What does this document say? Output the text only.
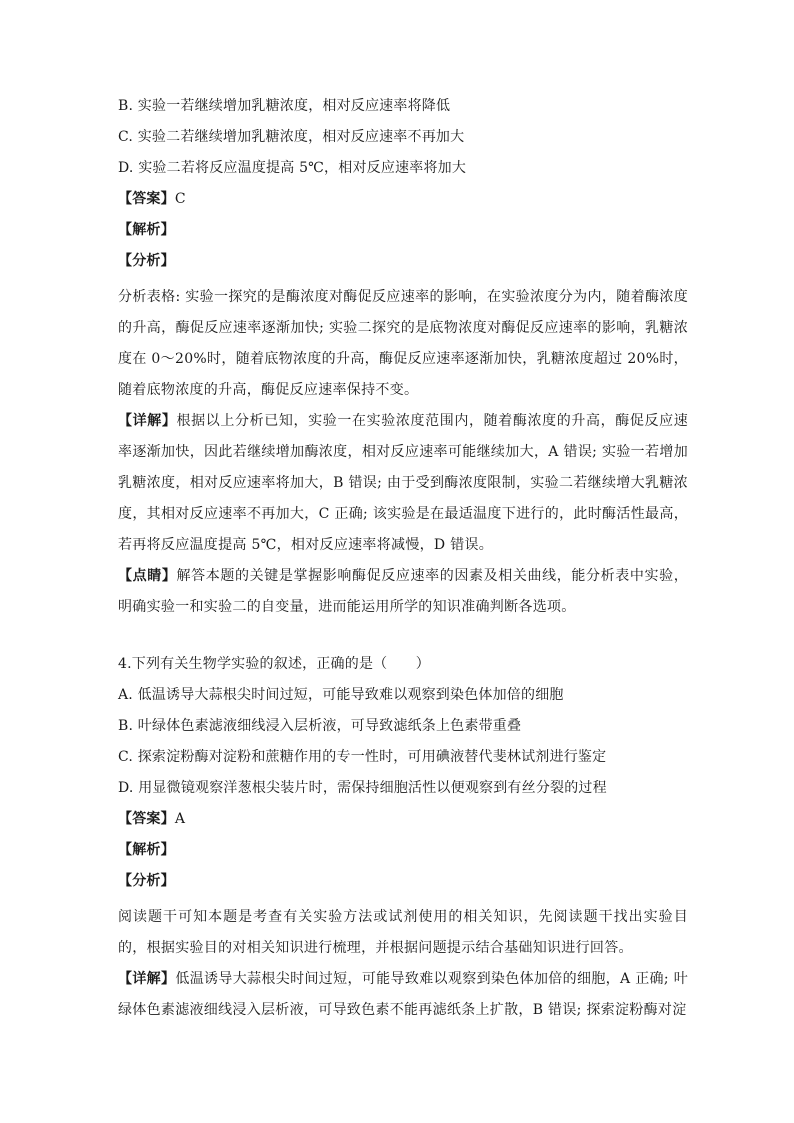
B. 实验一若继续增加乳糖浓度，相对反应速率将降低
C. 实验二若继续增加乳糖浓度，相对反应速率不再加大
D. 实验二若将反应温度提高 5℃，相对反应速率将加大
【答案】C
【解析】
【分析】

分析表格: 实验一探究的是酶浓度对酶促反应速率的影响，在实验浓度分为内，随着酶浓度的升高，酶促反应速率逐渐加快; 实验二探究的是底物浓度对酶促反应速率的影响，乳糖浓度在 0～20%时，随着底物浓度的升高，酶促反应速率逐渐加快，乳糖浓度超过 20%时，随着底物浓度的升高，酶促反应速率保持不变。

【详解】根据以上分析已知，实验一在实验浓度范围内，随着酶浓度的升高，酶促反应速率逐渐加快，因此若继续增加酶浓度，相对反应速率可能继续加大，A 错误; 实验一若增加乳糖浓度，相对反应速率将加大，B 错误; 由于受到酶浓度限制，实验二若继续增大乳糖浓度，其相对反应速率不再加大，C 正确; 该实验是在最适温度下进行的，此时酶活性最高，若再将反应温度提高 5℃，相对反应速率将减慢，D 错误。

【点睛】解答本题的关键是掌握影响酶促反应速率的因素及相关曲线，能分析表中实验，明确实验一和实验二的自变量，进而能运用所学的知识准确判断各选项。

4.下列有关生物学实验的叙述，正确的是（　　）
A. 低温诱导大蒜根尖时间过短，可能导致难以观察到染色体加倍的细胞
B. 叶绿体色素滤液细线浸入层析液，可导致滤纸条上色素带重叠
C. 探索淀粉酶对淀粉和蔗糖作用的专一性时，可用碘液替代斐林试剂进行鉴定
D. 用显微镜观察洋葱根尖装片时，需保持细胞活性以便观察到有丝分裂的过程
【答案】A
【解析】
【分析】

阅读题干可知本题是考查有关实验方法或试剂使用的相关知识，先阅读题干找出实验目的，根据实验目的对相关知识进行梳理，并根据问题提示结合基础知识进行回答。

【详解】低温诱导大蒜根尖时间过短，可能导致难以观察到染色体加倍的细胞，A 正确; 叶绿体色素滤液细线浸入层析液，可导致色素不能再滤纸条上扩散，B 错误; 探索淀粉酶对淀
